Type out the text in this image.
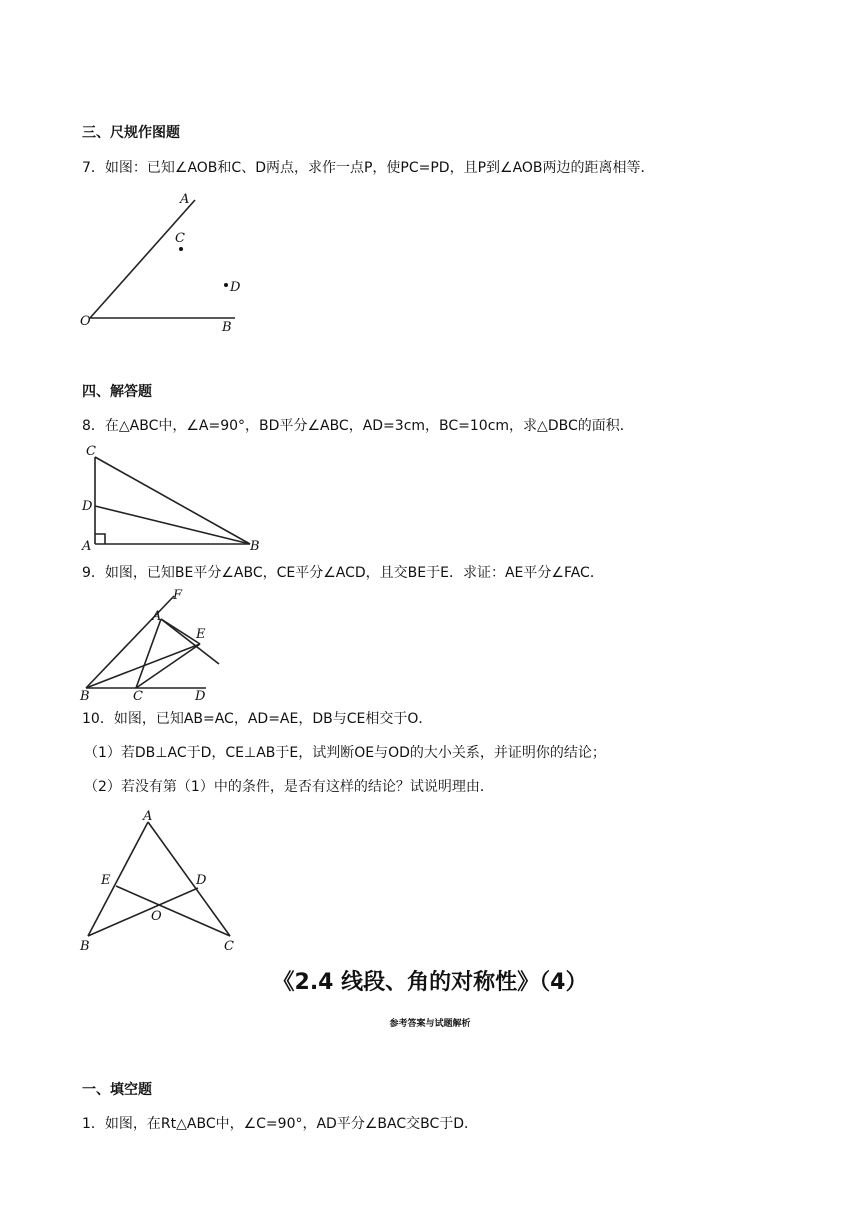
三、尺规作图题
7．如图：已知∠AOB和C、D两点，求作一点P，使PC=PD，且P到∠AOB两边的距离相等．
A
C
D
O	B
四、解答题
8．在△ABC中，∠A=90°，BD平分∠ABC，AD=3cm，BC=10cm，求△DBC的面积．
C
D
A	B
9．如图，已知BE平分∠ABC，CE平分∠ACD，且交BE于E．求证：AE平分∠FAC．
F
A
E
B	C	D
10．如图，已知AB=AC，AD=AE，DB与CE相交于O．
（1）若DB⊥AC于D，CE⊥AB于E，试判断OE与OD的大小关系，并证明你的结论；
（2）若没有第（1）中的条件，是否有这样的结论？试说明理由．
A
E	D
O
B	C
《2.4 线段、角的对称性》（4）
参考答案与试题解析
一、填空题
1．如图，在Rt△ABC中，∠C=90°，AD平分∠BAC交BC于D．
